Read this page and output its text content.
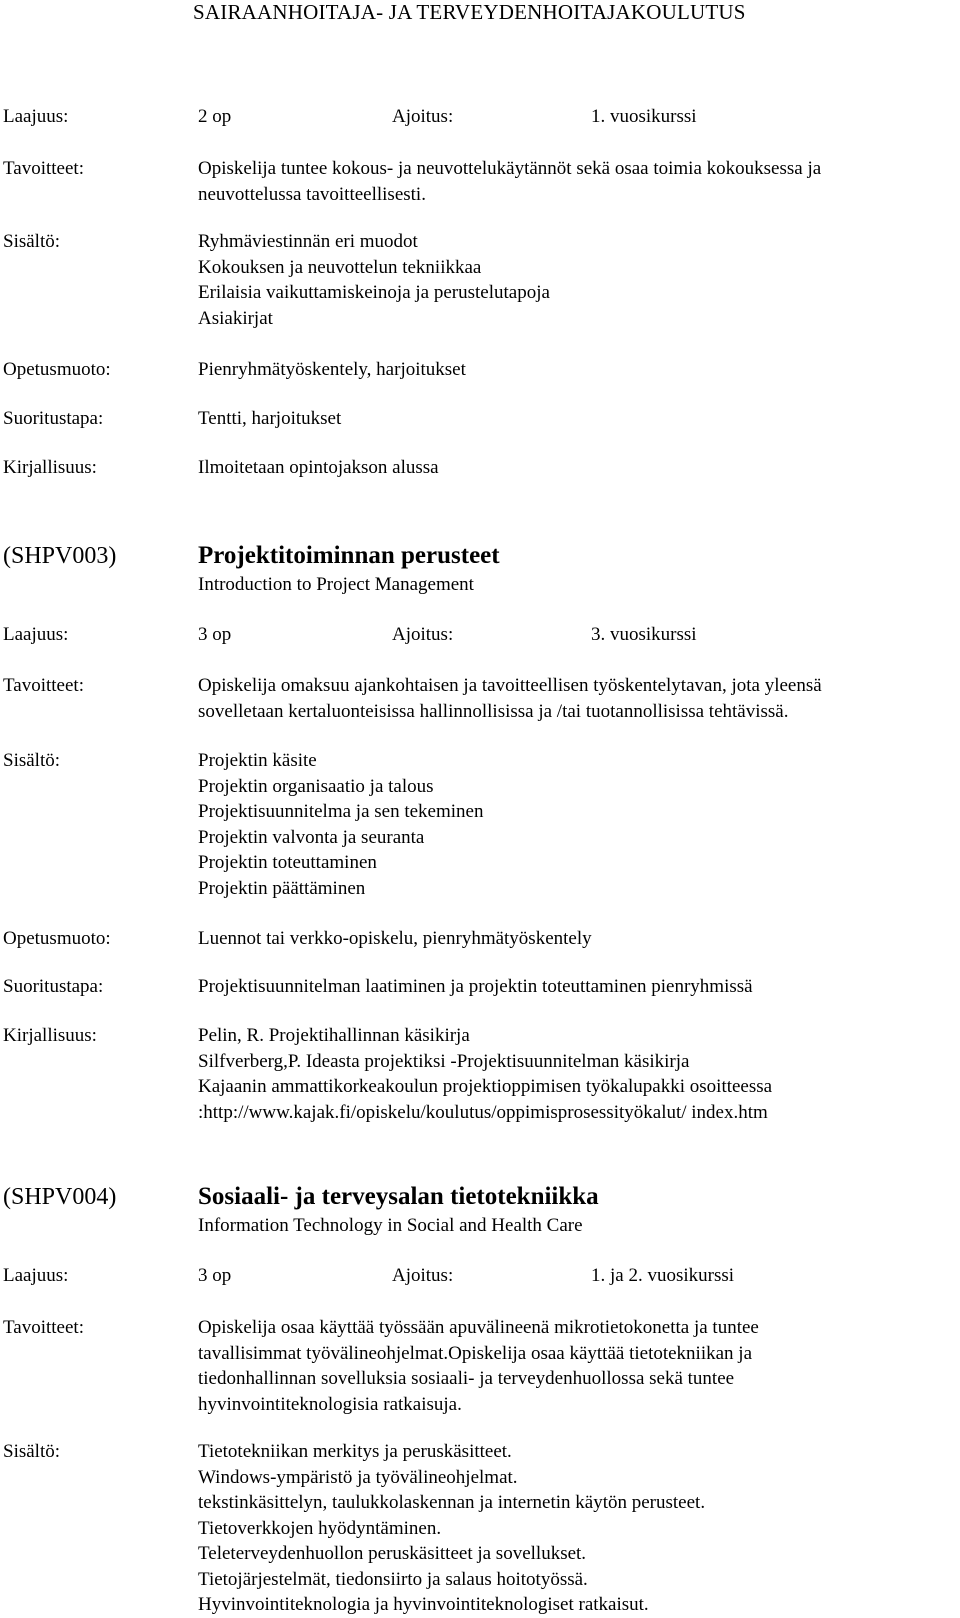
SAIRAANHOITAJA- JA TERVEYDENHOITAJAKOULUTUS
Laajuus:	2 op	Ajoitus:	1. vuosikurssi
Tavoitteet:	Opiskelija tuntee kokous- ja neuvottelukäytännöt sekä osaa toimia kokouksessa ja
neuvottelussa tavoitteellisesti.
Sisältö:	Ryhmäviestinnän eri muodot
Kokouksen ja neuvottelun tekniikkaa
Erilaisia vaikuttamiskeinoja ja perustelutapoja
Asiakirjat
Opetusmuoto:	Pienryhmätyöskentely, harjoitukset
Suoritustapa:	Tentti, harjoitukset
Kirjallisuus:	Ilmoitetaan opintojakson alussa
(SHPV003)	Projektitoiminnan perusteet
Introduction to Project Management
Laajuus:	3 op	Ajoitus:	3. vuosikurssi
Tavoitteet:	Opiskelija omaksuu ajankohtaisen ja tavoitteellisen työskentelytavan, jota yleensä
sovelletaan kertaluonteisissa hallinnollisissa ja /tai tuotannollisissa tehtävissä.
Sisältö:	Projektin käsite
Projektin organisaatio ja talous
Projektisuunnitelma ja sen tekeminen
Projektin valvonta ja seuranta
Projektin toteuttaminen
Projektin päättäminen
Opetusmuoto:	Luennot tai verkko-opiskelu, pienryhmätyöskentely
Suoritustapa:	Projektisuunnitelman laatiminen ja projektin toteuttaminen pienryhmissä
Kirjallisuus:	Pelin, R. Projektihallinnan käsikirja
Silfverberg,P. Ideasta projektiksi -Projektisuunnitelman käsikirja
Kajaanin ammattikorkeakoulun projektioppimisen työkalupakki osoitteessa
:http://www.kajak.fi/opiskelu/koulutus/oppimisprosessityökalut/ index.htm
(SHPV004)	Sosiaali- ja terveysalan tietotekniikka
Information Technology in Social and Health Care
Laajuus:	3 op	Ajoitus:	1. ja 2. vuosikurssi
Tavoitteet:	Opiskelija osaa käyttää työssään apuvälineenä mikrotietokonetta ja tuntee
tavallisimmat työvälineohjelmat.Opiskelija osaa käyttää tietotekniikan ja
tiedonhallinnan sovelluksia sosiaali- ja terveydenhuollossa sekä tuntee
hyvinvointiteknologisia ratkaisuja.
Sisältö:	Tietotekniikan merkitys ja peruskäsitteet.
Windows-ympäristö ja työvälineohjelmat.
tekstinkäsittelyn, taulukkolaskennan ja internetin käytön perusteet.
Tietoverkkojen hyödyntäminen.
Teleterveydenhuollon peruskäsitteet ja sovellukset.
Tietojärjestelmät, tiedonsiirto ja salaus hoitotyössä.
Hyvinvointiteknologia ja hyvinvointiteknologiset ratkaisut.
